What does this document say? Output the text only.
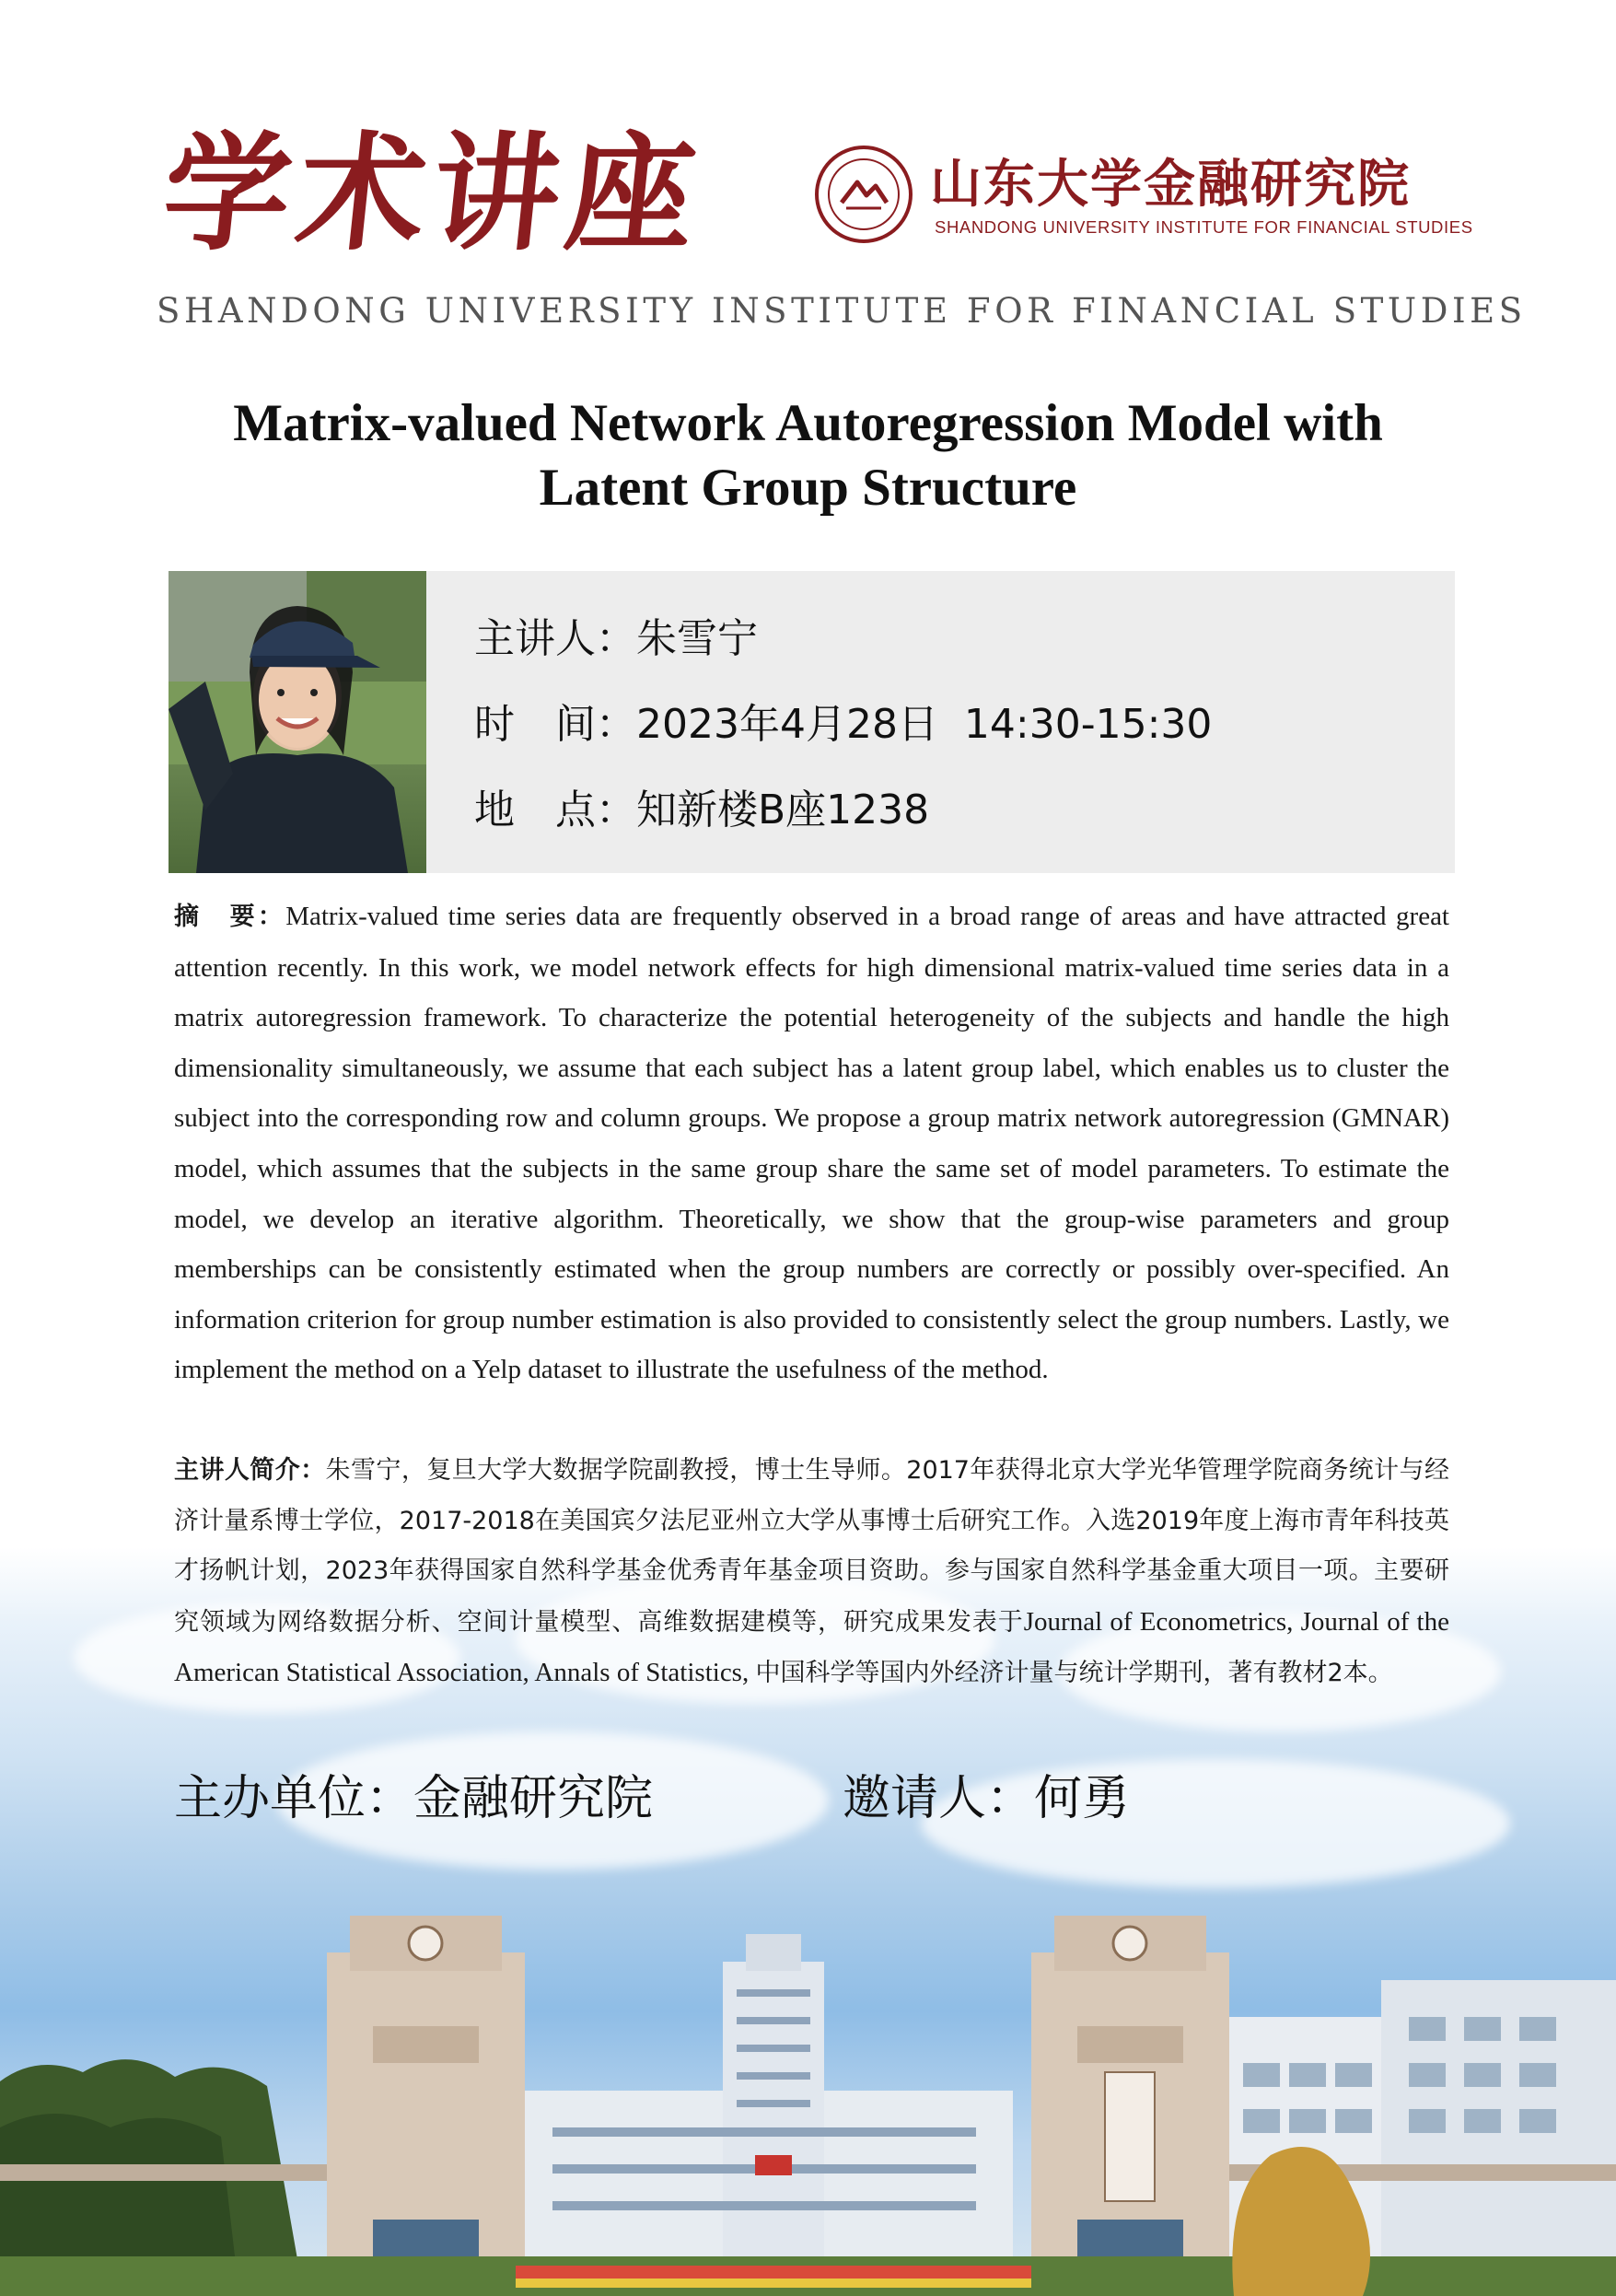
学术讲座	山东大学金融研究院
SHANDONG UNIVERSITY INSTITUTE FOR FINANCIAL STUDIES
SHANDONG UNIVERSITY INSTITUTE FOR FINANCIAL STUDIES
Matrix-valued Network Autoregression Model with
Latent Group Structure
主讲人：朱雪宁
时　间：2023年4月28日  14:30-15:30
地　点：知新楼B座1238
摘　要：Matrix-valued time series data are frequently observed in a broad range of areas and have attracted great attention recently. In this work, we model network effects for high dimensional matrix-valued time series data in a matrix autoregression framework. To characterize the potential heterogeneity of the subjects and handle the high dimensionality simultaneously, we assume that each subject has a latent group label, which enables us to cluster the subject into the corresponding row and column groups. We propose a group matrix network autoregression (GMNAR) model, which assumes that the subjects in the same group share the same set of model parameters. To estimate the model, we develop an iterative algorithm. Theoretically, we show that the group-wise parameters and group memberships can be consistently estimated when the group numbers are correctly or possibly over-specified. An information criterion for group number estimation is also provided to consistently select the group numbers. Lastly, we implement the method on a Yelp dataset to illustrate the usefulness of the method.
主讲人简介：朱雪宁，复旦大学大数据学院副教授，博士生导师。2017年获得北京大学光华管理学院商务统计与经济计量系博士学位，2017-2018在美国宾夕法尼亚州立大学从事博士后研究工作。入选2019年度上海市青年科技英才扬帆计划，2023年获得国家自然科学基金优秀青年基金项目资助。参与国家自然科学基金重大项目一项。主要研究领域为网络数据分析、空间计量模型、高维数据建模等，研究成果发表于Journal of Econometrics, Journal of the American Statistical Association, Annals of Statistics, 中国科学等国内外经济计量与统计学期刊，著有教材2本。
主办单位：金融研究院	邀请人：何勇
